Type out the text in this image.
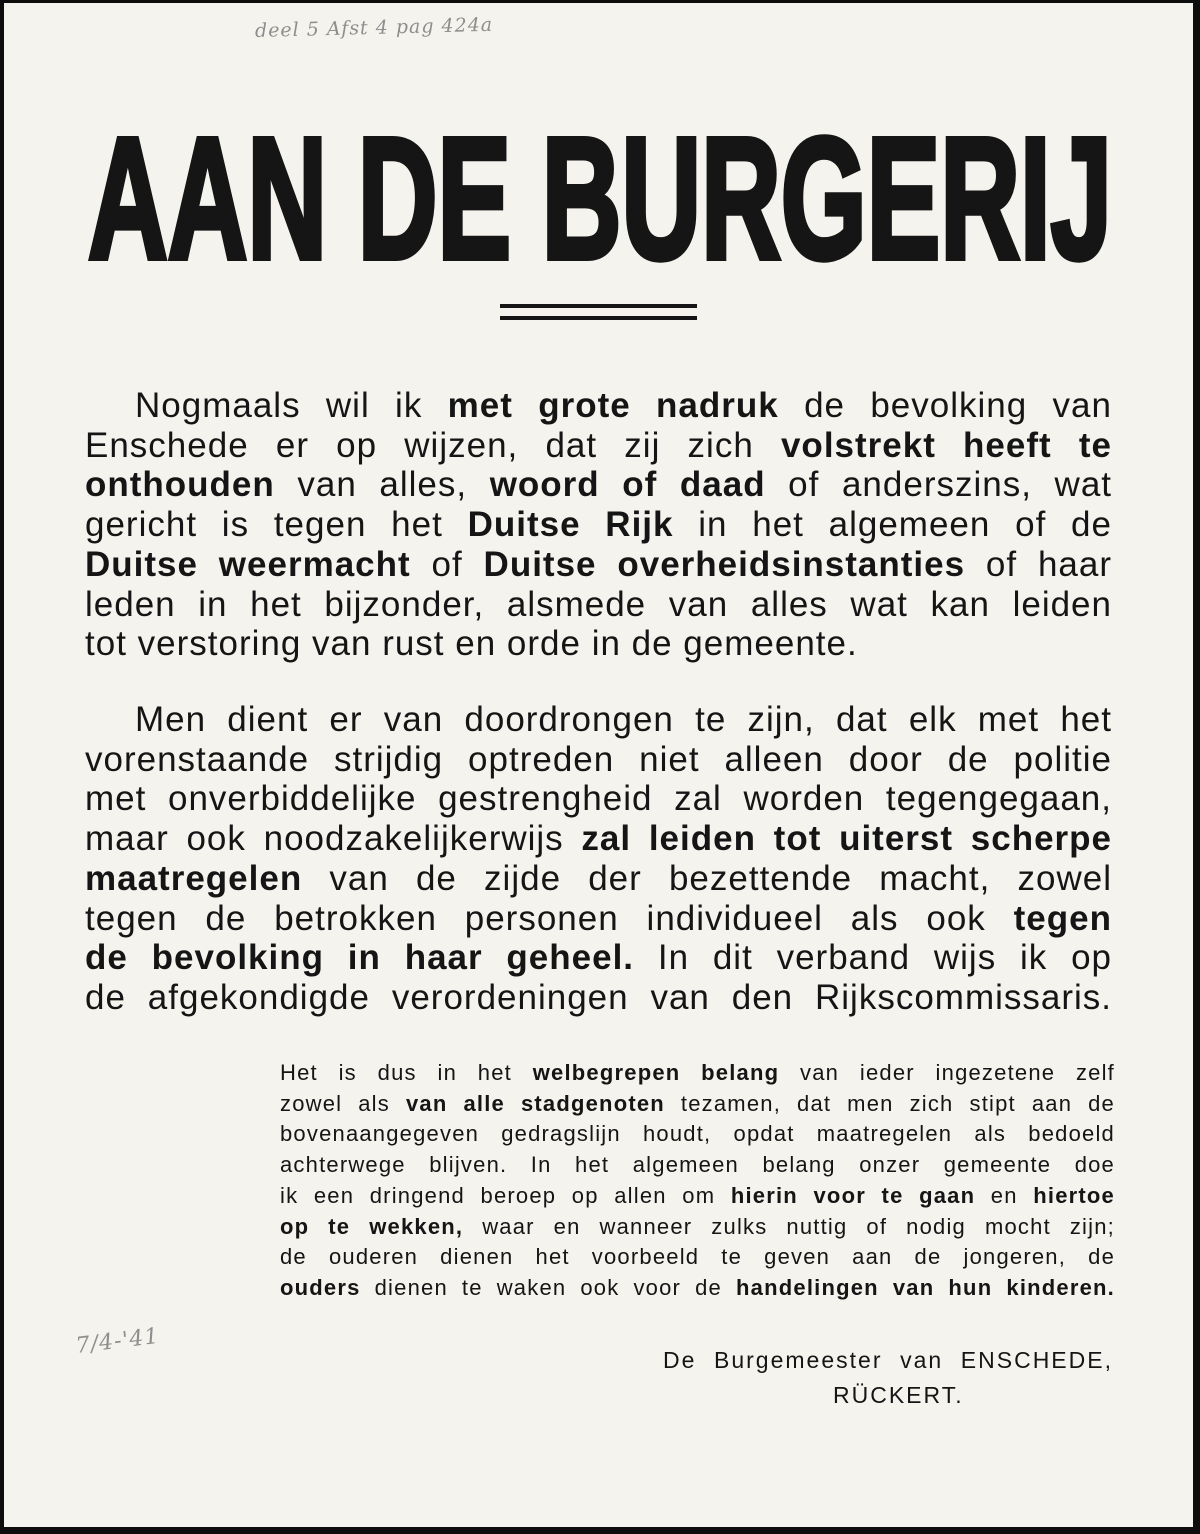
deel 5 Afst 4 pag 424a
AAN DE BURGERIJ
Nogmaals wil ik met grote nadruk de bevolking van
Enschede er op wijzen, dat zij zich volstrekt heeft te
onthouden van alles, woord of daad of anderszins, wat
gericht is tegen het Duitse Rijk in het algemeen of de
Duitse weermacht of Duitse overheidsinstanties of haar
leden in het bijzonder, alsmede van alles wat kan leiden
tot verstoring van rust en orde in de gemeente.
Men dient er van doordrongen te zijn, dat elk met het
vorenstaande strijdig optreden niet alleen door de politie
met onverbiddelijke gestrengheid zal worden tegengegaan,
maar ook noodzakelijkerwijs zal leiden tot uiterst scherpe
maatregelen van de zijde der bezettende macht, zowel
tegen de betrokken personen individueel als ook tegen
de bevolking in haar geheel. In dit verband wijs ik op
de afgekondigde verordeningen van den Rijkscommissaris.
Het is dus in het welbegrepen belang van ieder ingezetene zelf
zowel als van alle stadgenoten tezamen, dat men zich stipt aan de
bovenaangegeven gedragslijn houdt, opdat maatregelen als bedoeld
achterwege blijven. In het algemeen belang onzer gemeente doe
ik een dringend beroep op allen om hierin voor te gaan en hiertoe
op te wekken, waar en wanneer zulks nuttig of nodig mocht zijn;
de ouderen dienen het voorbeeld te geven aan de jongeren, de
ouders dienen te waken ook voor de handelingen van hun kinderen.
7/4-'41
De Burgemeester van ENSCHEDE,
RÜCKERT.
